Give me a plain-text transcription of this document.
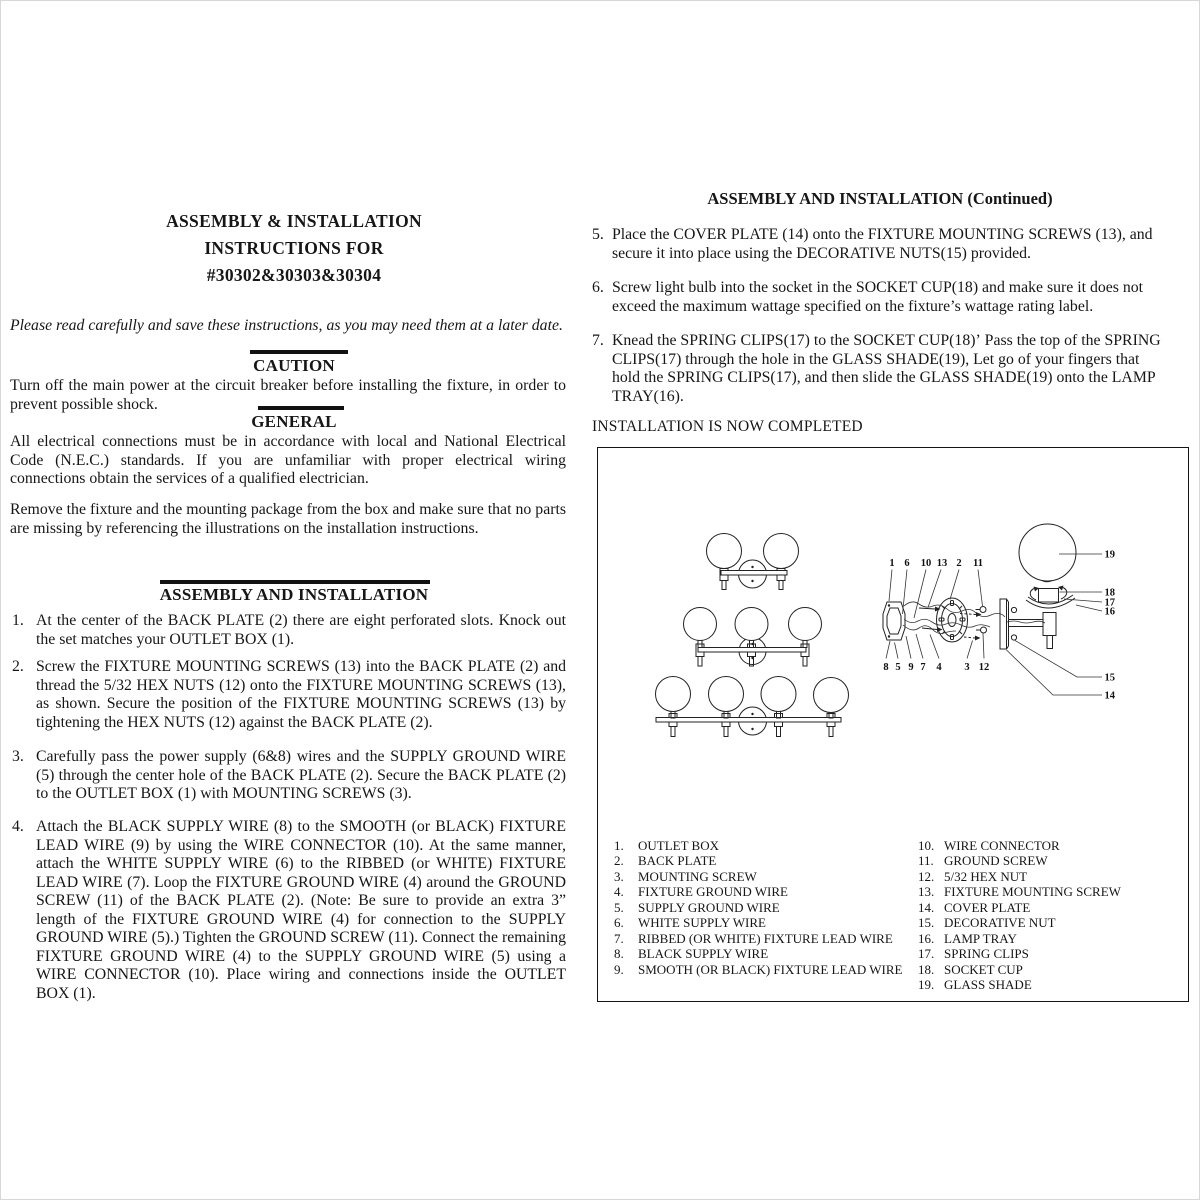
ASSEMBLY & INSTALLATION
INSTRUCTIONS FOR
#30302&30303&30304
Please read carefully and save these instructions, as you may need them at a later date.
CAUTION
Turn off the main power at the circuit breaker before installing the fixture, in order to prevent possible shock.
GENERAL
All electrical connections must be in accordance with local and National Electrical Code (N.E.C.) standards. If you are unfamiliar with proper electrical wiring connections obtain the services of a qualified electrician.
Remove the fixture and the mounting package from the box and make sure that no parts are missing by referencing the illustrations on the installation instructions.
ASSEMBLY AND INSTALLATION
1. At the center of the BACK PLATE (2) there are eight perforated slots. Knock out the set matches your OUTLET BOX (1).
2. Screw the FIXTURE MOUNTING SCREWS (13) into the BACK PLATE (2) and thread the 5/32 HEX NUTS (12) onto the FIXTURE MOUNTING SCREWS (13), as shown. Secure the position of the FIXTURE MOUNTING SCREWS (13) by tightening the HEX NUTS (12) against the BACK PLATE (2).
3. Carefully pass the power supply (6&8) wires and the SUPPLY GROUND WIRE (5) through the center hole of the BACK PLATE (2). Secure the BACK PLATE (2) to the OUTLET BOX (1) with MOUNTING SCREWS (3).
4. Attach the BLACK SUPPLY WIRE (8) to the SMOOTH (or BLACK) FIXTURE LEAD WIRE (9) by using the WIRE CONNECTOR (10). At the same manner, attach the WHITE SUPPLY WIRE (6) to the RIBBED (or WHITE) FIXTURE LEAD WIRE (7). Loop the FIXTURE GROUND WIRE (4) around the GROUND SCREW (11) of the BACK PLATE (2). (Note: Be sure to provide an extra 3” length of the FIXTURE GROUND WIRE (4) for connection to the SUPPLY GROUND WIRE (5).) Tighten the GROUND SCREW (11). Connect the remaining FIXTURE GROUND WIRE (4) to the SUPPLY GROUND WIRE (5) using a WIRE CONNECTOR (10). Place wiring and connections inside the OUTLET BOX (1).
ASSEMBLY AND INSTALLATION (Continued)
5. Place the COVER PLATE (14) onto the FIXTURE MOUNTING SCREWS (13), and secure it into place using the DECORATIVE NUTS(15) provided.
6. Screw light bulb into the socket in the SOCKET CUP(18) and make sure it does not exceed the maximum wattage specified on the fixture’s wattage rating label.
7. Knead the SPRING CLIPS(17) to the SOCKET CUP(18)ʼ Pass the top of the SPRING CLIPS(17) through the hole in the GLASS SHADE(19), Let go of your fingers that hold the SPRING CLIPS(17), and then slide the GLASS SHADE(19) onto the LAMP TRAY(16).
INSTALLATION IS NOW COMPLETED
1 6 10 13 2 11
8 5 9 7 4 3 12
19
18
17
16
15
14
1.	OUTLET BOX
2.	BACK PLATE
3.	MOUNTING SCREW
4.	FIXTURE GROUND WIRE
5.	SUPPLY GROUND WIRE
6.	WHITE SUPPLY WIRE
7.	RIBBED (OR WHITE) FIXTURE LEAD WIRE
8.	BLACK SUPPLY WIRE
9.	SMOOTH (OR BLACK) FIXTURE LEAD WIRE
10. WIRE CONNECTOR
11. GROUND SCREW
12. 5/32 HEX NUT
13. FIXTURE MOUNTING SCREW
14. COVER PLATE
15. DECORATIVE NUT
16. LAMP TRAY
17. SPRING CLIPS
18. SOCKET CUP
19. GLASS SHADE
